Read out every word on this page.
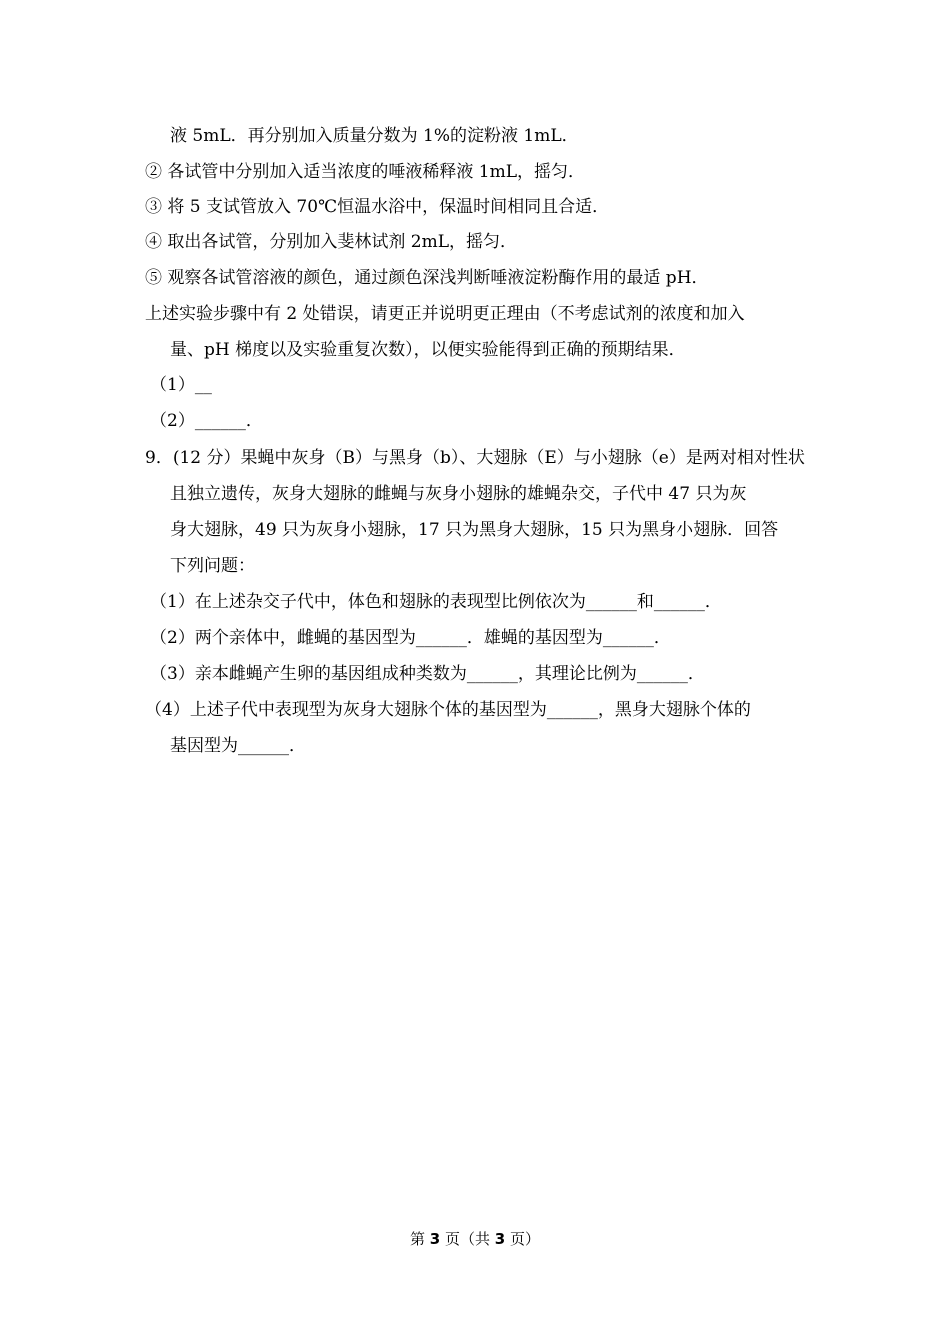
液 5mL．再分别加入质量分数为 1%的淀粉液 1mL．
② 各试管中分别加入适当浓度的唾液稀释液 1mL，摇匀．
③ 将 5 支试管放入 70℃恒温水浴中，保温时间相同且合适．
④ 取出各试管，分别加入斐林试剂 2mL，摇匀．
⑤ 观察各试管溶液的颜色，通过颜色深浅判断唾液淀粉酶作用的最适 pH．
上述实验步骤中有 2 处错误，请更正并说明更正理由（不考虑试剂的浓度和加入
量、pH 梯度以及实验重复次数），以便实验能得到正确的预期结果．
（1）__
（2）______．
9．(12 分）果蝇中灰身（B）与黑身（b）、大翅脉（E）与小翅脉（e）是两对相对性状
且独立遗传，灰身大翅脉的雌蝇与灰身小翅脉的雄蝇杂交，子代中 47 只为灰
身大翅脉，49 只为灰身小翅脉，17 只为黑身大翅脉，15 只为黑身小翅脉．回答
下列问题：
（1）在上述杂交子代中，体色和翅脉的表现型比例依次为______和______．
（2）两个亲体中，雌蝇的基因型为______．雄蝇的基因型为______．
（3）亲本雌蝇产生卵的基因组成种类数为______，其理论比例为______．
（4）上述子代中表现型为灰身大翅脉个体的基因型为______，黑身大翅脉个体的
基因型为______．
第 3 页（共 3 页）
